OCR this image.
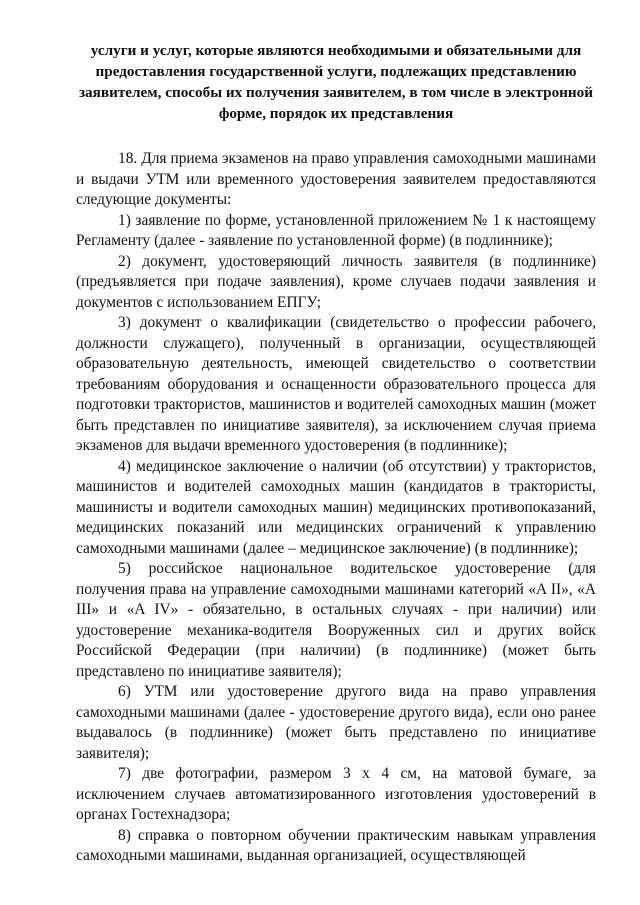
услуги и услуг, которые являются необходимыми и обязательными для предоставления государственной услуги, подлежащих представлению заявителем, способы их получения заявителем, в том числе в электронной форме, порядок их представления

18. Для приема экзаменов на право управления самоходными машинами и выдачи УТМ или временного удостоверения заявителем предоставляются следующие документы:

1) заявление по форме, установленной приложением № 1 к настоящему Регламенту (далее - заявление по установленной форме) (в подлиннике);

2) документ, удостоверяющий личность заявителя (в подлиннике) (предъявляется при подаче заявления), кроме случаев подачи заявления и документов с использованием ЕПГУ;

3) документ о квалификации (свидетельство о профессии рабочего, должности служащего), полученный в организации, осуществляющей образовательную деятельность, имеющей свидетельство о соответствии требованиям оборудования и оснащенности образовательного процесса для подготовки трактористов, машинистов и водителей самоходных машин (может быть представлен по инициативе заявителя), за исключением случая приема экзаменов для выдачи временного удостоверения (в подлиннике);

4) медицинское заключение о наличии (об отсутствии) у трактористов, машинистов и водителей самоходных машин (кандидатов в трактористы, машинисты и водители самоходных машин) медицинских противопоказаний, медицинских показаний или медицинских ограничений к управлению самоходными машинами (далее – медицинское заключение) (в подлиннике);

5) российское национальное водительское удостоверение (для получения права на управление самоходными машинами категорий «A II», «A III» и «A IV» - обязательно, в остальных случаях - при наличии) или удостоверение механика-водителя Вооруженных сил и других войск Российской Федерации (при наличии) (в подлиннике) (может быть представлено по инициативе заявителя);

6) УТМ или удостоверение другого вида на право управления самоходными машинами (далее - удостоверение другого вида), если оно ранее выдавалось (в подлиннике) (может быть представлено по инициативе заявителя);

7) две фотографии, размером 3 x 4 см, на матовой бумаге, за исключением случаев автоматизированного изготовления удостоверений в органах Гостехнадзора;

8) справка о повторном обучении практическим навыкам управления самоходными машинами, выданная организацией, осуществляющей
